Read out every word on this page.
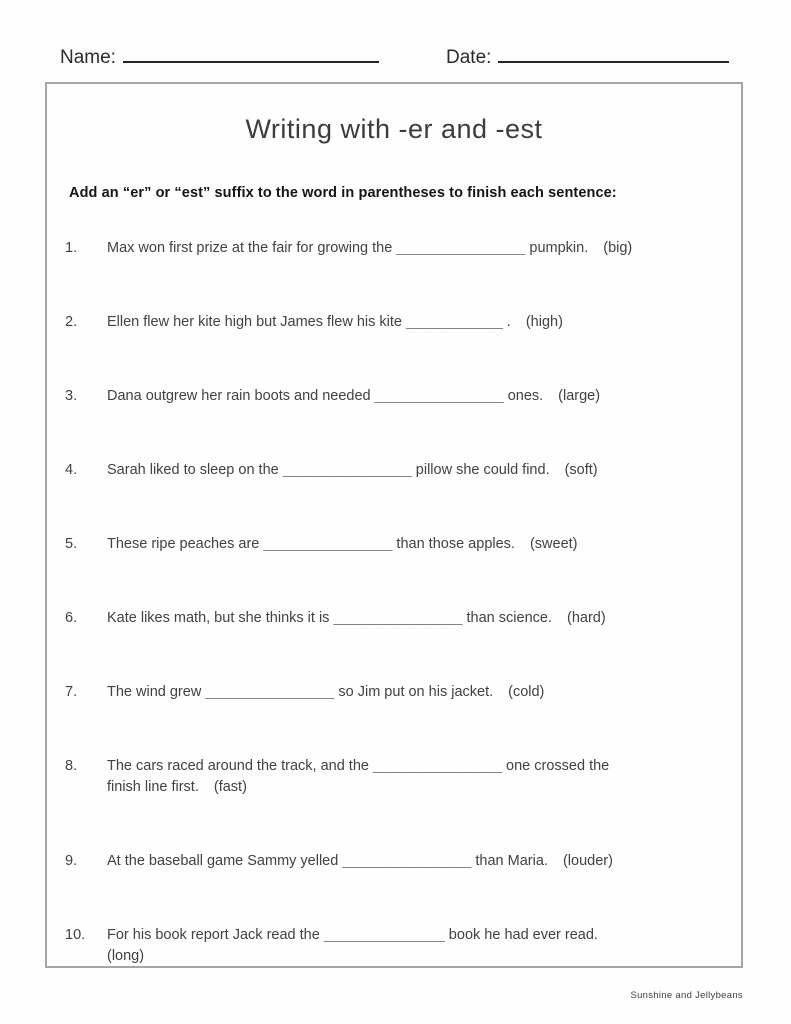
Name:	Date:
Writing with -er and -est
Add an “er” or “est” suffix to the word in parentheses to finish each sentence:
1.	Max won first prize at the fair for growing the ________________ pumpkin. (big)
2.	Ellen flew her kite high but James flew his kite ____________ . (high)
3.	Dana outgrew her rain boots and needed ________________ ones. (large)
4.	Sarah liked to sleep on the ________________ pillow she could find. (soft)
5.	These ripe peaches are ________________ than those apples. (sweet)
6.	Kate likes math, but she thinks it is ________________ than science. (hard)
7.	The wind grew ________________ so Jim put on his jacket. (cold)
8.	The cars raced around the track, and the ________________ one crossed the
finish line first. (fast)
9.	At the baseball game Sammy yelled ________________ than Maria. (louder)
10.	For his book report Jack read the _______________ book he had ever read.
(long)
Sunshine and Jellybeans
